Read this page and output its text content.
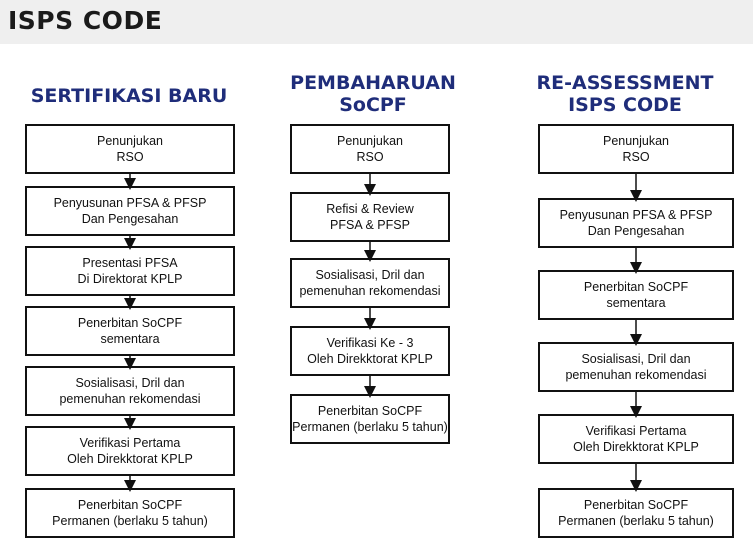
ISPS CODE
SERTIFIKASI BARU
PEMBAHARUAN
SoCPF
RE-ASSESSMENT
ISPS CODE
Penunjukan
RSO
Penyusunan PFSA & PFSP
Dan Pengesahan
Presentasi PFSA
Di Direktorat KPLP
Penerbitan SoCPF
sementara
Sosialisasi, Dril dan
pemenuhan rekomendasi
Verifikasi Pertama
Oleh Direkktorat KPLP
Penerbitan SoCPF
Permanen (berlaku 5 tahun)
Penunjukan
RSO
Refisi & Review
PFSA & PFSP
Sosialisasi, Dril dan
pemenuhan rekomendasi
Verifikasi Ke - 3
Oleh Direkktorat KPLP
Penerbitan SoCPF
Permanen (berlaku 5 tahun)
Penunjukan
RSO
Penyusunan PFSA & PFSP
Dan Pengesahan
Penerbitan SoCPF
sementara
Sosialisasi, Dril dan
pemenuhan rekomendasi
Verifikasi Pertama
Oleh Direkktorat KPLP
Penerbitan SoCPF
Permanen (berlaku 5 tahun)
